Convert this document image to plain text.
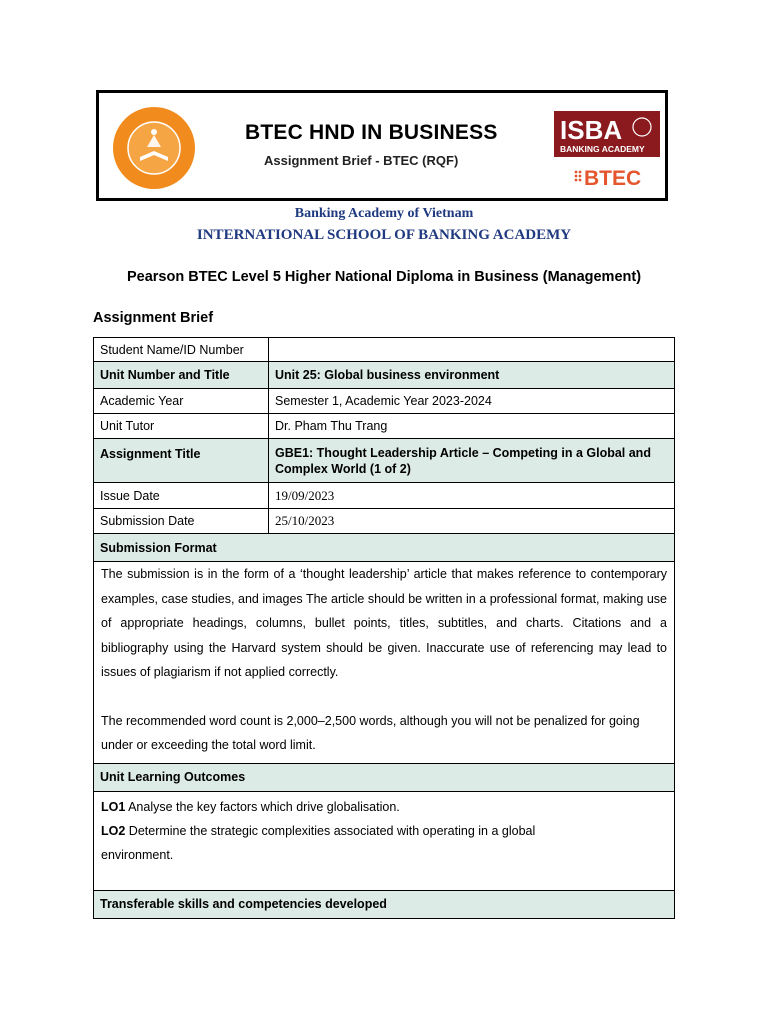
BTEC HND IN BUSINESS
Assignment Brief - BTEC (RQF)
ISBA
BANKING ACADEMY
BTEC
Banking Academy of Vietnam
INTERNATIONAL SCHOOL OF BANKING ACADEMY
Pearson BTEC Level 5 Higher National Diploma in Business (Management)
Assignment Brief
Student Name/ID Number	
Unit Number and Title	Unit 25: Global business environment
Academic Year	Semester 1, Academic Year 2023-2024
Unit Tutor	Dr. Pham Thu Trang
Assignment Title	GBE1: Thought Leadership Article – Competing in a Global and Complex World (1 of 2)
Issue Date	19/09/2023
Submission Date	25/10/2023
Submission Format	

The submission is in the form of a ‘thought leadership’ article that makes reference to contemporary examples, case studies, and images The article should be written in a professional format, making use of appropriate headings, columns, bullet points, titles, subtitles, and charts. Citations and a bibliography using the Harvard system should be given. Inaccurate use of referencing may lead to issues of plagiarism if not applied correctly.
The recommended word count is 2,000–2,500 words, although you will not be penalized for going under or exceeding the total word limit.	

Unit Learning Outcomes	

LO1 Analyse the key factors which drive globalisation.
LO2 Determine the strategic complexities associated with operating in a global
environment.	

Transferable skills and competencies developed	
